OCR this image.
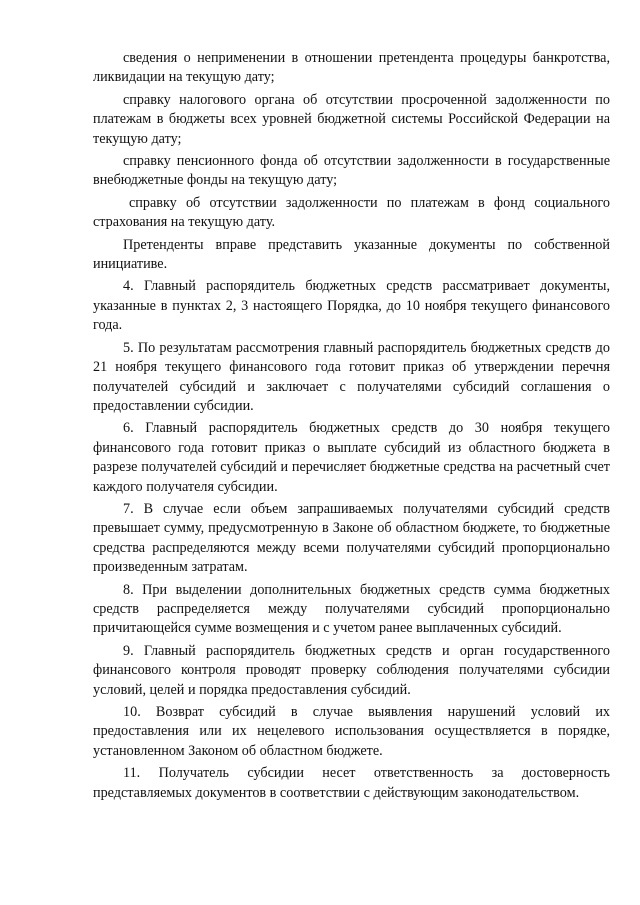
сведения о неприменении в отношении претендента процедуры банкротства, ликвидации на текущую дату;

справку налогового органа об отсутствии просроченной задолженности по платежам в бюджеты всех уровней бюджетной системы Российской Федерации на текущую дату;

справку пенсионного фонда об отсутствии задолженности в государственные внебюджетные фонды на текущую дату;

справку об отсутствии задолженности по платежам в фонд социального страхования на текущую дату.

Претенденты вправе представить указанные документы по собственной инициативе.

4. Главный распорядитель бюджетных средств рассматривает документы, указанные в пунктах 2, 3 настоящего Порядка, до 10 ноября текущего финансового года.

5. По результатам рассмотрения главный распорядитель бюджетных средств до 21 ноября текущего финансового года готовит приказ об утверждении перечня получателей субсидий и заключает с получателями субсидий соглашения о предоставлении субсидии.

6. Главный распорядитель бюджетных средств до 30 ноября текущего финансового года готовит приказ о выплате субсидий из областного бюджета в разрезе получателей субсидий и перечисляет бюджетные средства на расчетный счет каждого получателя субсидии.

7. В случае если объем запрашиваемых получателями субсидий средств превышает сумму, предусмотренную в Законе об областном бюджете, то бюджетные средства распределяются между всеми получателями субсидий пропорционально произведенным затратам.

8. При выделении дополнительных бюджетных средств сумма бюджетных средств распределяется между получателями субсидий пропорционально причитающейся сумме возмещения и с учетом ранее выплаченных субсидий.

9. Главный распорядитель бюджетных средств и орган государственного финансового контроля проводят проверку соблюдения получателями субсидии условий, целей и порядка предоставления субсидий.

10. Возврат субсидий в случае выявления нарушений условий их предоставления или их нецелевого использования осуществляется в порядке, установленном Законом об областном бюджете.

11. Получатель субсидии несет ответственность за достоверность представляемых документов в соответствии с действующим законодательством.
